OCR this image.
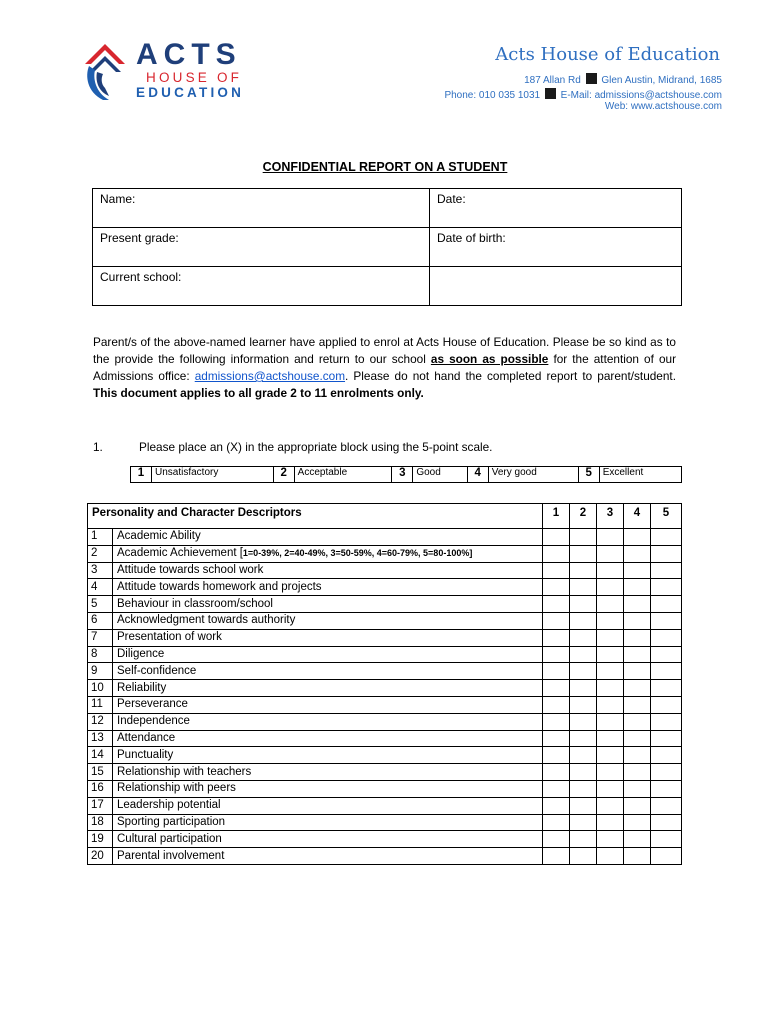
ACTS
HOUSE OF
EDUCATION
Acts House of Education
187 Allan Rd Glen Austin, Midrand, 1685
Phone: 010 035 1031 E-Mail: admissions@actshouse.com
Web: www.actshouse.com
CONFIDENTIAL REPORT ON A STUDENT
Name:	Date:
Present grade:	Date of birth:
Current school:	
Parent/s of the above-named learner have applied to enrol at Acts House of Education. Please be so kind as to the provide the following information and return to our school as soon as possible for the attention of our Admissions office: admissions@actshouse.com. Please do not hand the completed report to parent/student. This document applies to all grade 2 to 11 enrolments only.
1.	Please place an (X) in the appropriate block using the 5-point scale.
1	Unsatisfactory	2	Acceptable	3	Good	4	Very good	5	Excellent
Personality and Character Descriptors		1	2	3	4	5
1	Academic Ability					
2	Academic Achievement [1=0-39%, 2=40-49%, 3=50-59%, 4=60-79%, 5=80-100%]					
3	Attitude towards school work					
4	Attitude towards homework and projects					
5	Behaviour in classroom/school					
6	Acknowledgment towards authority					
7	Presentation of work					
8	Diligence					
9	Self-confidence					
10	Reliability					
11	Perseverance					
12	Independence					
13	Attendance					
14	Punctuality					
15	Relationship with teachers					
16	Relationship with peers					
17	Leadership potential					
18	Sporting participation					
19	Cultural participation					
20	Parental involvement					
